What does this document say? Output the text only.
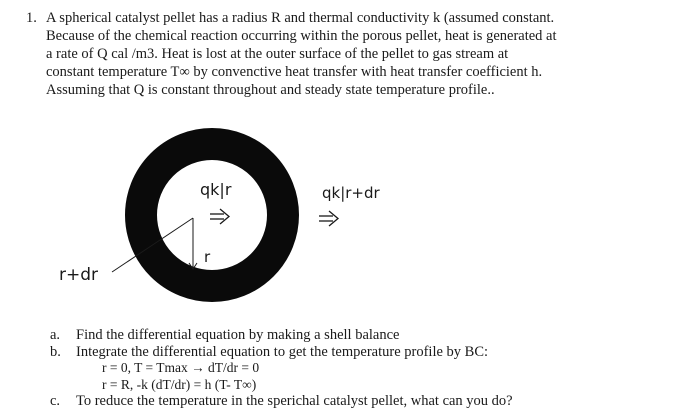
1. A spherical catalyst pellet has a radius R and thermal conductivity k (assumed constant.
Because of the chemical reaction occurring within the porous pellet, heat is generated at
a rate of Q cal /m3. Heat is lost at the outer surface of the pellet to gas stream at
constant temperature T∞ by convenctive heat transfer with heat transfer coefficient h.
Assuming that Q is constant throughout and steady state temperature profile..
qk|r	qk|r+dr
r
r+dr
a. Find the differential equation by making a shell balance
b. Integrate the differential equation to get the temperature profile by BC:
r = 0, T = Tmax → dT/dr = 0
r = R, -k (dT/dr) = h (T- T∞)
c. To reduce the temperature in the sperichal catalyst pellet, what can you do?
